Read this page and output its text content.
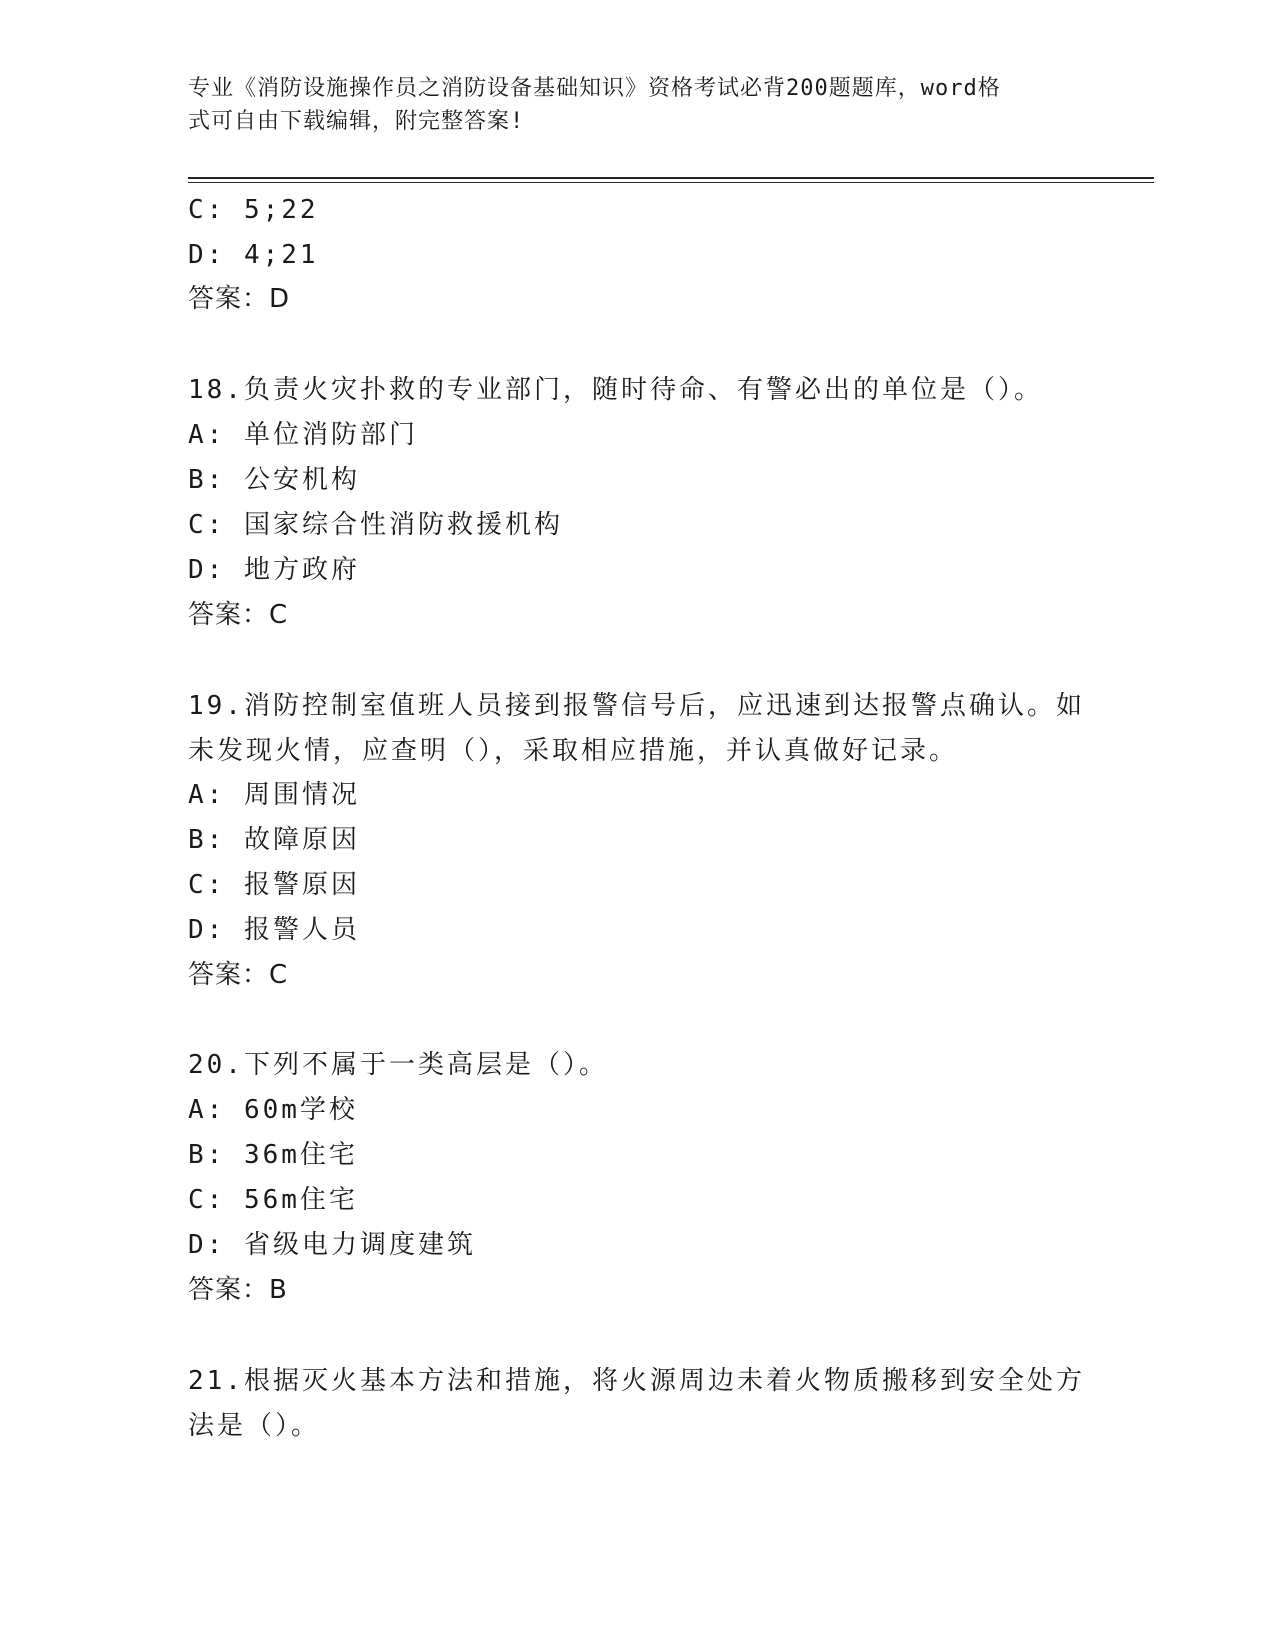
专业《消防设施操作员之消防设备基础知识》资格考试必背200题题库，word格
式可自由下载编辑，附完整答案!
C: 5;22
D: 4;21
答案：D
18.负责火灾扑救的专业部门，随时待命、有警必出的单位是（）。
A: 单位消防部门
B: 公安机构
C: 国家综合性消防救援机构
D: 地方政府
答案：C
19.消防控制室值班人员接到报警信号后，应迅速到达报警点确认。如
未发现火情，应查明（），采取相应措施，并认真做好记录。
A: 周围情况
B: 故障原因
C: 报警原因
D: 报警人员
答案：C
20.下列不属于一类高层是（）。
A: 60m学校
B: 36m住宅
C: 56m住宅
D: 省级电力调度建筑
答案：B
21.根据灭火基本方法和措施，将火源周边未着火物质搬移到安全处方
法是（）。
